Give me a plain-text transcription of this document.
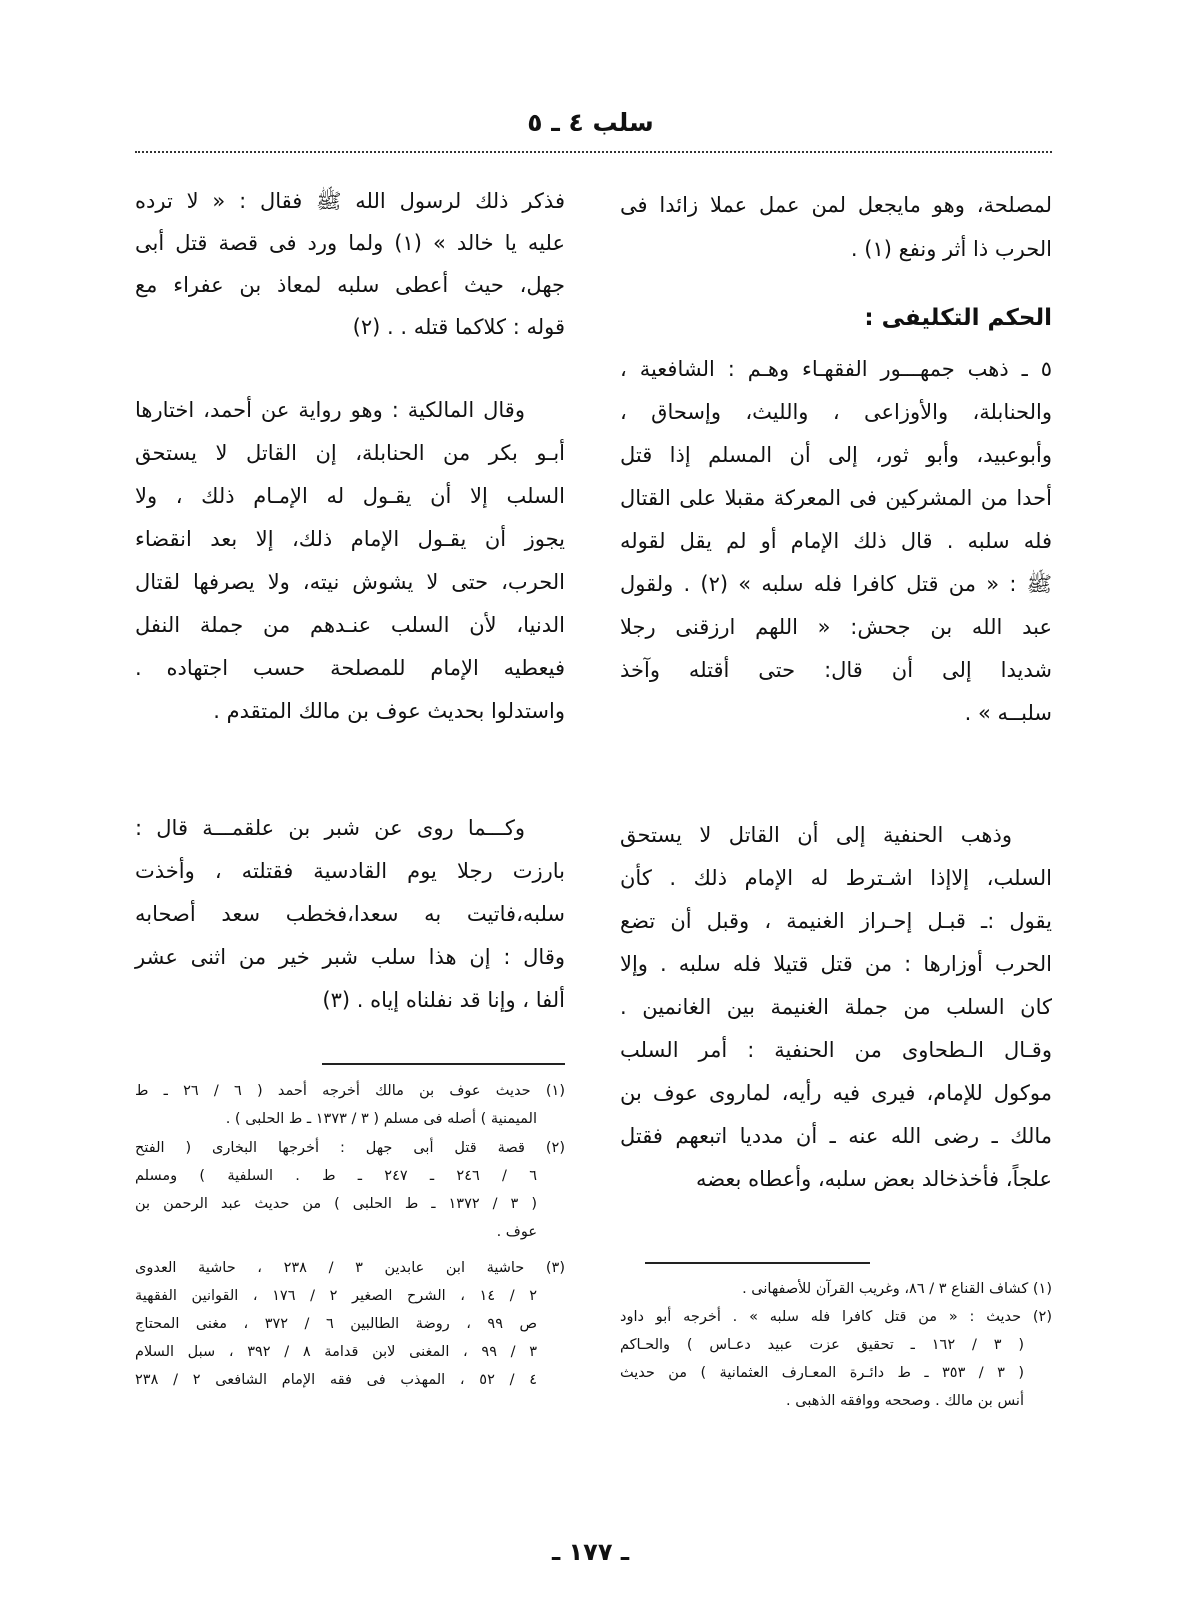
سلب ٤ ـ ٥
الحكم التكليفى :
ـ ١٧٧ ـ
لمصلحة، وهو مايجعل لمن عمل عملا زائدا فى
الحرب ذا أثر ونفع (١) .
٥ ـ ذهب جمهـــور الفقهـاء وهـم : الشافعية ،
والحنابلة، والأوزاعى ، والليث، وإسحاق ،
وأبوعبيد، وأبو ثور، إلى أن المسلم إذا قتل
أحدا من المشركين فى المعركة مقبلا على القتال
فله سلبه . قال ذلك الإمام أو لم يقل لقوله
ﷺ : « من قتل كافرا فله سلبه » (٢) . ولقول
عبد الله بن جحش: « اللهم ارزقنى رجلا
شديدا إلى أن قال: حتى أقتله وآخذ
سلبــه » .
وذهب الحنفية إلى أن القاتل لا يستحق
السلب، إلاإذا اشـترط له الإمام ذلك . كأن
يقول :ـ قبـل إحـراز الغنيمة ، وقبل أن تضع
الحرب أوزارها : من قتل قتيلا فله سلبه . وإلا
كان السلب من جملة الغنيمة بين الغانمين .
وقـال الـطحاوى من الحنفية : أمر السلب
موكول للإمام، فيرى فيه رأيه، لماروى عوف بن
مالك ـ رضى الله عنه ـ أن مدديا اتبعهم فقتل
علجاً، فأخذخالد بعض سلبه، وأعطاه بعضه
(١) كشاف القناع ٣ / ٨٦، وغريب القرآن للأصفهانى .
(٢) حديث : « من قتل كافرا فله سلبه » . أخرجه أبو داود
( ٣ / ١٦٢ ـ تحقيق عزت عبيد دعـاس ) والحـاكم
( ٣ / ٣٥٣ ـ ط دائـرة المعـارف العثمانية ) من حديث
أنس بن مالك . وصححه ووافقه الذهبى .
فذكر ذلك لرسول الله ﷺ فقال : « لا ترده
عليه يا خالد » (١) ولما ورد فى قصة قتل أبى
جهل، حيث أعطى سلبه لمعاذ بن عفراء مع
قوله : كلاكما قتله . . (٢)
وقال المالكية : وهو رواية عن أحمد، اختارها
أبـو بكر من الحنابلة، إن القاتل لا يستحق
السلب إلا أن يقـول له الإمـام ذلك ، ولا
يجوز أن يقـول الإمام ذلك، إلا بعد انقضاء
الحرب، حتى لا يشوش نيته، ولا يصرفها لقتال
الدنيا، لأن السلب عنـدهم من جملة النفل
فيعطيه الإمام للمصلحة حسب اجتهاده .
واستدلوا بحديث عوف بن مالك المتقدم .
وكـــما روى عن شبر بن علقمـــة قال :
بارزت رجلا يوم القادسية فقتلته ، وأخذت
سلبه،فاتيت به سعدا،فخطب سعد أصحابه
وقال : إن هذا سلب شبر خير من اثنى عشر
ألفا ، وإنا قد نفلناه إياه . (٣)
(١) حديث عوف بن مالك أخرجه أحمد ( ٦ / ٢٦ ـ ط
الميمنية ) أصله فى مسلم ( ٣ / ١٣٧٣ ـ ط الحلبى ) .
(٢) قصة قتل أبى جهل : أخرجها البخارى ( الفتح
٦ / ٢٤٦ ـ ٢٤٧ ـ ط . السلفية ) ومسلم
( ٣ / ١٣٧٢ ـ ط الحلبى ) من حديث عبد الرحمن بن
عوف .
(٣) حاشية ابن عابدين ٣ / ٢٣٨ ، حاشية العدوى
٢ / ١٤ ، الشرح الصغير ٢ / ١٧٦ ، القوانين الفقهية
ص ٩٩ ، روضة الطالبين ٦ / ٣٧٢ ، مغنى المحتاج
٣ / ٩٩ ، المغنى لابن قدامة ٨ / ٣٩٢ ، سبل السلام
٤ / ٥٢ ، المهذب فى فقه الإمام الشافعى ٢ / ٢٣٨
